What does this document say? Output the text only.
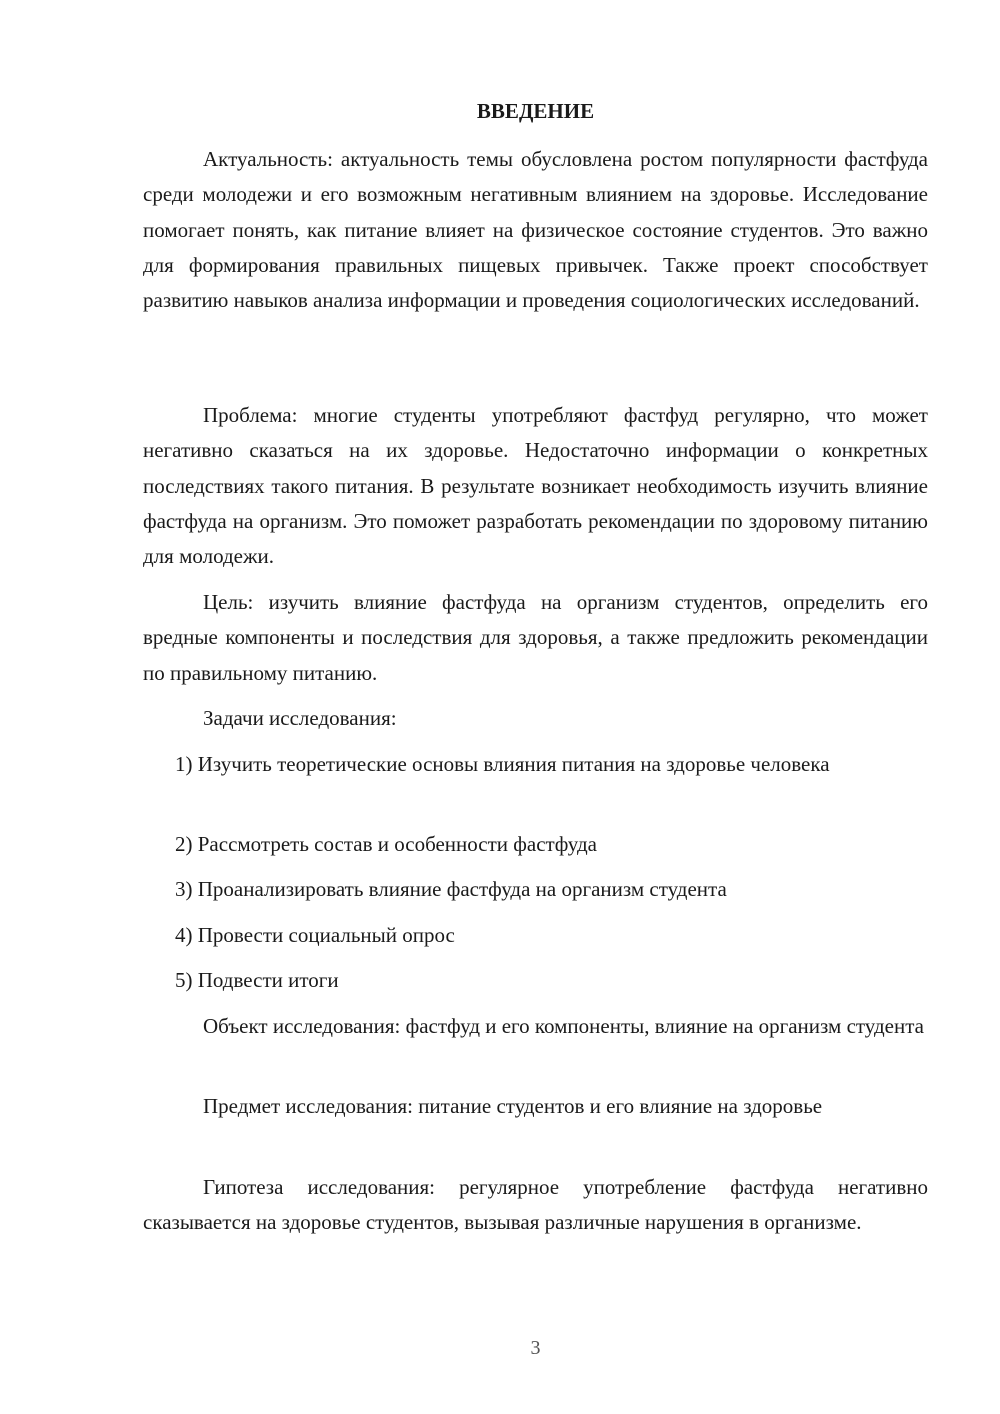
ВВЕДЕНИЕ

Актуальность: актуальность темы обусловлена ростом популярности фастфуда среди молодежи и его возможным негативным влиянием на здоровье. Исследование помогает понять, как питание влияет на физическое состояние студентов. Это важно для формирования правильных пищевых привычек. Также проект способствует развитию навыков анализа информации и проведения социологических исследований.

Проблема: многие студенты употребляют фастфуд регулярно, что может негативно сказаться на их здоровье. Недостаточно информации о конкретных последствиях такого питания. В результате возникает необходимость изучить влияние фастфуда на организм. Это поможет разработать рекомендации по здоровому питанию для молодежи.

Цель: изучить влияние фастфуда на организм студентов, определить его вредные компоненты и последствия для здоровья, а также предложить рекомендации по правильному питанию.

Задачи исследования:

1) Изучить теоретические основы влияния питания на здоровье человека

2) Рассмотреть состав и особенности фастфуда

3) Проанализировать влияние фастфуда на организм студента

4) Провести социальный опрос

5) Подвести итоги

Объект исследования: фастфуд и его компоненты, влияние на организм студента

Предмет исследования: питание студентов и его влияние на здоровье

Гипотеза исследования: регулярное употребление фастфуда негативно сказывается на здоровье студентов, вызывая различные нарушения в организме.

3
